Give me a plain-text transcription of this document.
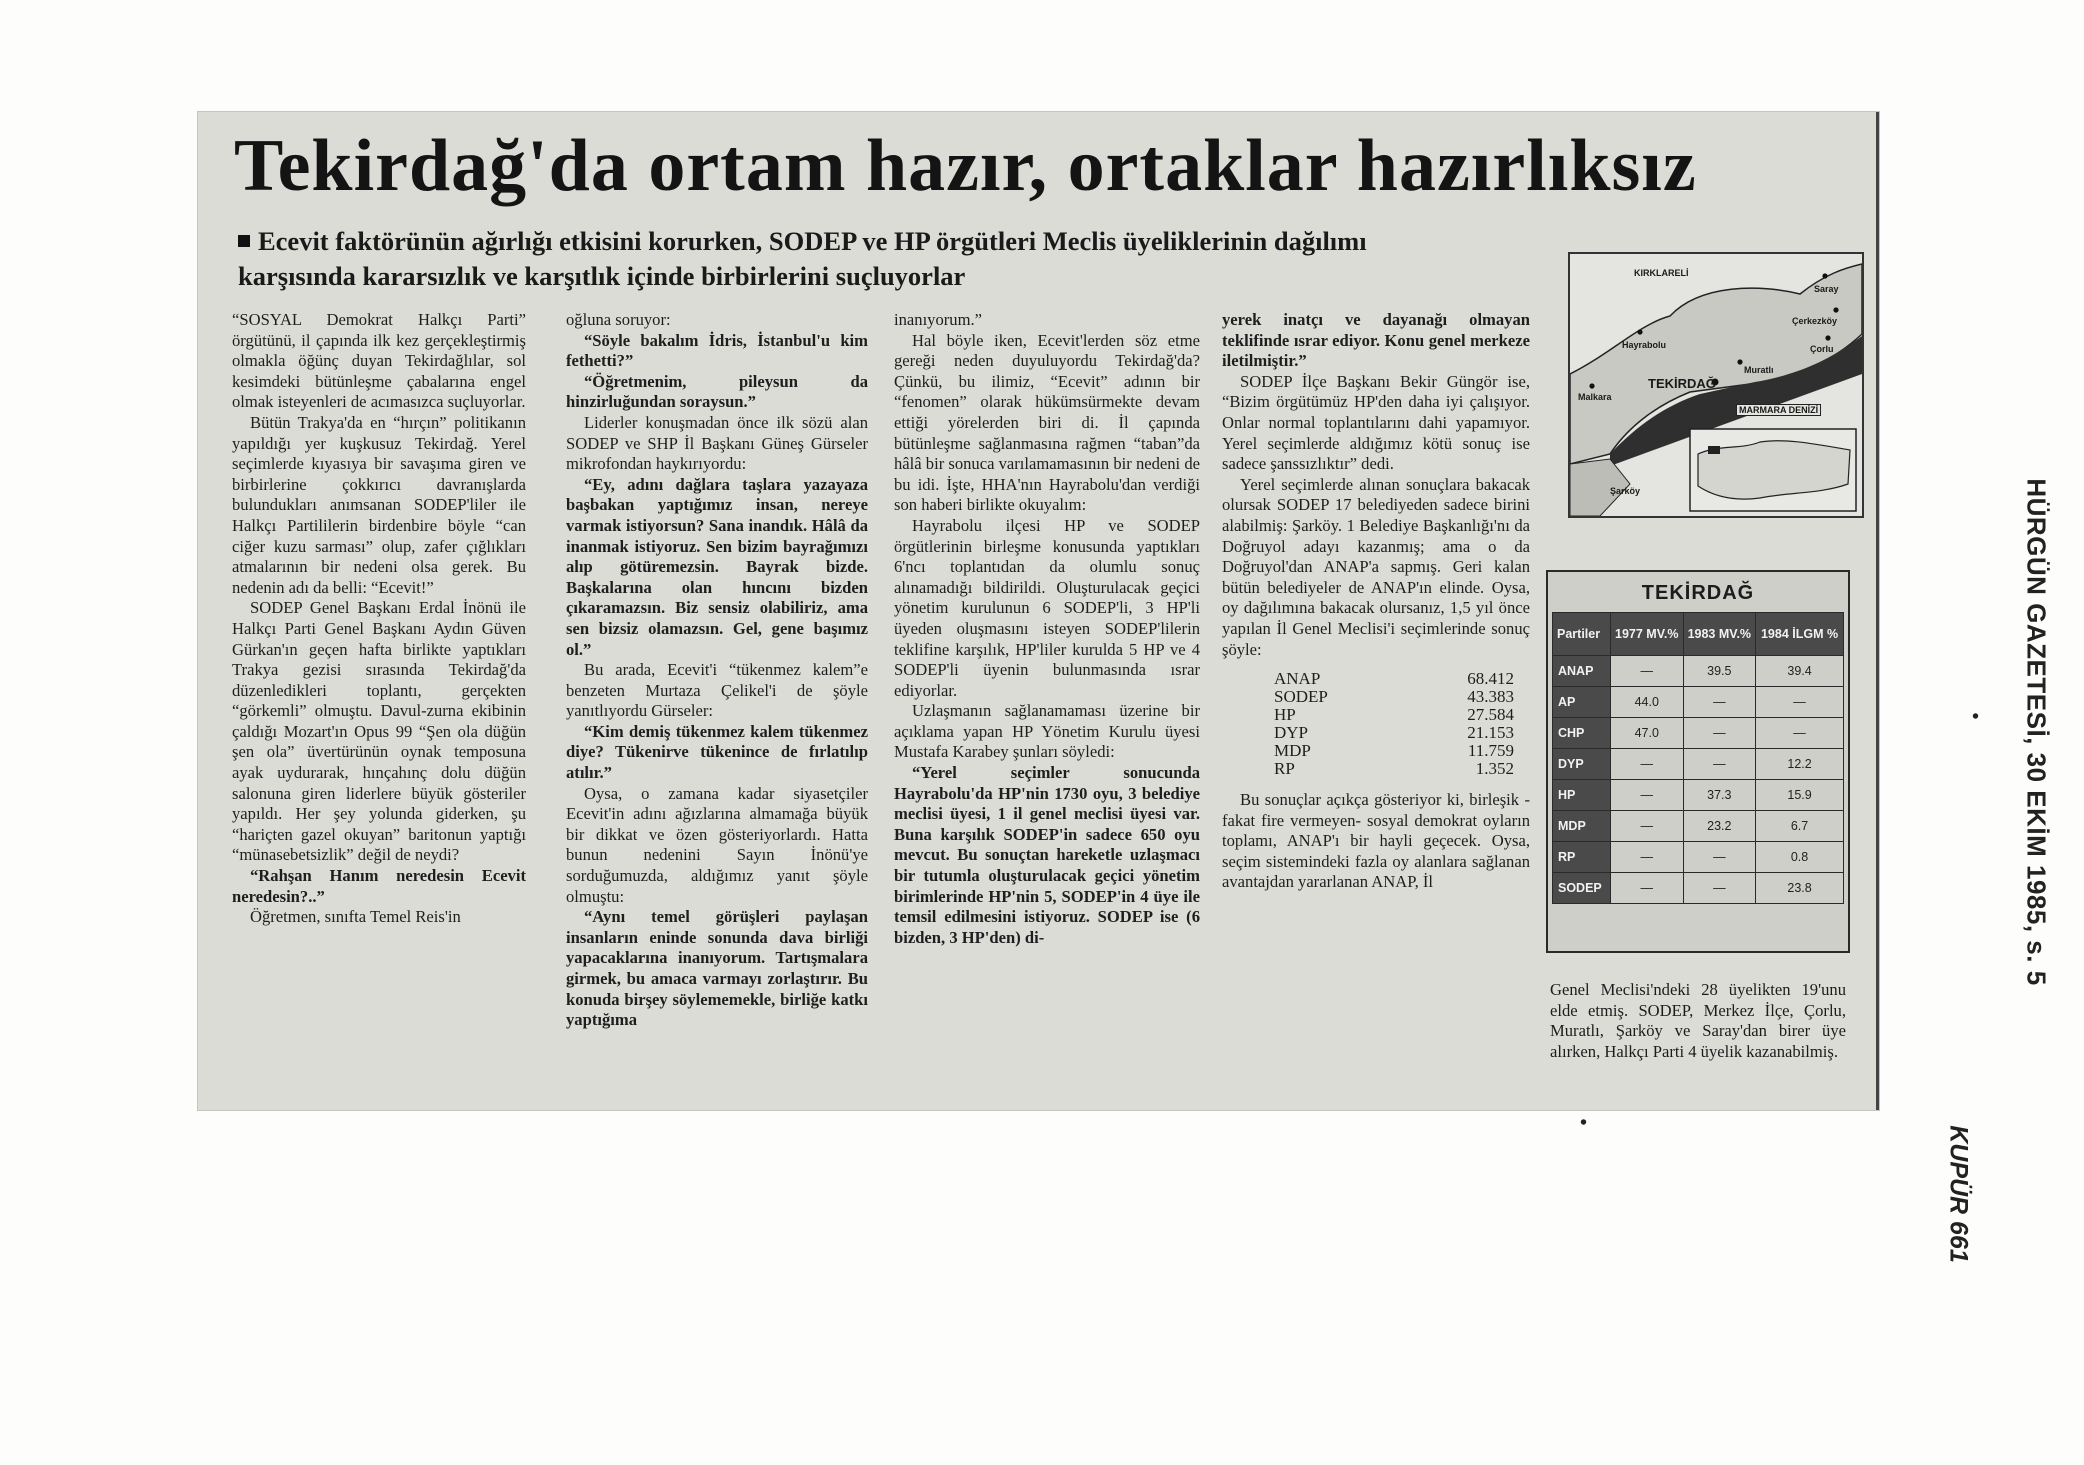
Tekirdağ'da ortam hazır, ortaklar hazırlıksız
Ecevit faktörünün ağırlığı etkisini korurken, SODEP ve HP örgütleri Meclis üyeliklerinin dağılımı karşısında kararsızlık ve karşıtlık içinde birbirlerini suçluyorlar

“SOSYAL Demokrat Halkçı Parti” örgütünü, il çapında ilk kez gerçekleştirmiş olmakla öğünç duyan Tekirdağlılar, sol kesimdeki bütünleşme çabalarına engel olmak isteyenleri de acımasızca suçluyorlar.

Bütün Trakya'da en “hırçın” politikanın yapıldığı yer kuşkusuz Tekirdağ. Yerel seçimlerde kıyasıya bir savaşıma giren ve birbirlerine çokkırıcı davranışlarda bulundukları anımsanan SODEP'liler ile Halkçı Partililerin birdenbire böyle “can ciğer kuzu sarması” olup, zafer çığlıkları atmalarının bir nedeni olsa gerek. Bu nedenin adı da belli: “Ecevit!”

SODEP Genel Başkanı Erdal İnönü ile Halkçı Parti Genel Başkanı Aydın Güven Gürkan'ın geçen hafta birlikte yaptıkları Trakya gezisi sırasında Tekirdağ'da düzenledikleri toplantı, gerçekten “görkemli” olmuştu. Davul-zurna ekibinin çaldığı Mozart'ın Opus 99 “Şen ola düğün şen ola” üvertürünün oynak temposuna ayak uydurarak, hınçahınç dolu düğün salonuna giren liderlere büyük gösteriler yapıldı. Her şey yolunda giderken, şu “hariçten gazel okuyan” baritonun yaptığı “münasebetsizlik” değil de neydi?

“Rahşan Hanım neredesin Ecevit neredesin?..”

Öğretmen, sınıfta Temel Reis'in

oğluna soruyor:

“Söyle bakalım İdris, İstanbul'u kim fethetti?”

“Öğretmenim, pileysun da hinzirluğundan soraysun.”

Liderler konuşmadan önce ilk sözü alan SODEP ve SHP İl Başkanı Güneş Gürseler mikrofondan haykırıyordu:

“Ey, adını dağlara taşlara yazayaza başbakan yaptığımız insan, nereye varmak istiyorsun? Sana inandık. Hâlâ da inanmak istiyoruz. Sen bizim bayrağımızı alıp götüremezsin. Bayrak bizde. Başkalarına olan hıncını bizden çıkaramazsın. Biz sensiz olabiliriz, ama sen bizsiz olamazsın. Gel, gene başımız ol.”

Bu arada, Ecevit'i “tükenmez kalem”e benzeten Murtaza Çelikel'i de şöyle yanıtlıyordu Gürseler:

“Kim demiş tükenmez kalem tükenmez diye? Tükenirve tükenince de fırlatılıp atılır.”

Oysa, o zamana kadar siyasetçiler Ecevit'in adını ağızlarına almamağa büyük bir dikkat ve özen gösteriyorlardı. Hatta bunun nedenini Sayın İnönü'ye sorduğumuzda, aldığımız yanıt şöyle olmuştu:

“Aynı temel görüşleri paylaşan insanların eninde sonunda dava birliği yapacaklarına inanıyorum. Tartışmalara girmek, bu amaca varmayı zorlaştırır. Bu konuda birşey söylememekle, birliğe katkı yaptığıma

inanıyorum.”

Hal böyle iken, Ecevit'lerden söz etme gereği neden duyuluyordu Tekirdağ'da? Çünkü, bu ilimiz, “Ecevit” adının bir “fenomen” olarak hükümsürmekte devam ettiği yörelerden biri di. İl çapında bütünleşme sağlanmasına rağmen “taban”da hâlâ bir sonuca varılamamasının bir nedeni de bu idi. İşte, HHA'nın Hayrabolu'dan verdiği son haberi birlikte okuyalım:

Hayrabolu ilçesi HP ve SODEP örgütlerinin birleşme konusunda yaptıkları 6'ncı toplantıdan da olumlu sonuç alınamadığı bildirildi. Oluşturulacak geçici yönetim kurulunun 6 SODEP'li, 3 HP'li üyeden oluşmasını isteyen SODEP'lilerin teklifine karşılık, HP'liler kurulda 5 HP ve 4 SODEP'li üyenin bulunmasında ısrar ediyorlar.

Uzlaşmanın sağlanamaması üzerine bir açıklama yapan HP Yönetim Kurulu üyesi Mustafa Karabey şunları söyledi:

“Yerel seçimler sonucunda Hayrabolu'da HP'nin 1730 oyu, 3 belediye meclisi üyesi, 1 il genel meclisi üyesi var. Buna karşılık SODEP'in sadece 650 oyu mevcut. Bu sonuçtan hareketle uzlaşmacı bir tutumla oluşturulacak geçici yönetim birimlerinde HP'nin 5, SODEP'in 4 üye ile temsil edilmesini istiyoruz. SODEP ise (6 bizden, 3 HP'den) di-

yerek inatçı ve dayanağı olmayan teklifinde ısrar ediyor. Konu genel merkeze iletilmiştir.”

SODEP İlçe Başkanı Bekir Güngör ise, “Bizim örgütümüz HP'den daha iyi çalışıyor. Onlar normal toplantılarını dahi yapamıyor. Yerel seçimlerde aldığımız kötü sonuç ise sadece şanssızlıktır” dedi.

Yerel seçimlerde alınan sonuçlara bakacak olursak SODEP 17 belediyeden sadece birini alabilmiş: Şarköy. 1 Belediye Başkanlığı'nı da Doğruyol adayı kazanmış; ama o da Doğruyol'dan ANAP'a sapmış. Geri kalan bütün belediyeler de ANAP'ın elinde. Oysa, oy dağılımına bakacak olursanız, 1,5 yıl önce yapılan İl Genel Meclisi'i seçimlerinde sonuç şöyle:

ANAP	68.412
SODEP	43.383
HP	27.584
DYP	21.153
MDP	11.759
RP	1.352

Bu sonuçlar açıkça gösteriyor ki, birleşik -fakat fire vermeyen- sosyal demokrat oyların toplamı, ANAP'ı bir hayli geçecek. Oysa, seçim sistemindeki fazla oy alanlara sağlanan avantajdan yararlanan ANAP, İl

KIRKLARELİ
Saray
Çerkezköy
Çorlu
Hayrabolu
Muratlı
TEKİRDAĞ
Malkara
MARMARA DENİZİ
Şarköy
TEKİRDAĞ
Partiler	1977 MV.%	1983 MV.%	1984 İLGM %
ANAP	—	39.5	39.4
AP	44.0	—	—
CHP	47.0	—	—
DYP	—	—	12.2
HP	—	37.3	15.9
MDP	—	23.2	6.7
RP	—	—	0.8
SODEP	—	—	23.8

Genel Meclisi'ndeki 28 üyelikten 19'unu elde etmiş. SODEP, Merkez İlçe, Çorlu, Muratlı, Şarköy ve Saray'dan birer üye alırken, Halkçı Parti 4 üyelik kazanabilmiş.

•
• HÜRGÜN GAZETESİ, 30 EKİM 1985, s. 5
KUPÜR 661
